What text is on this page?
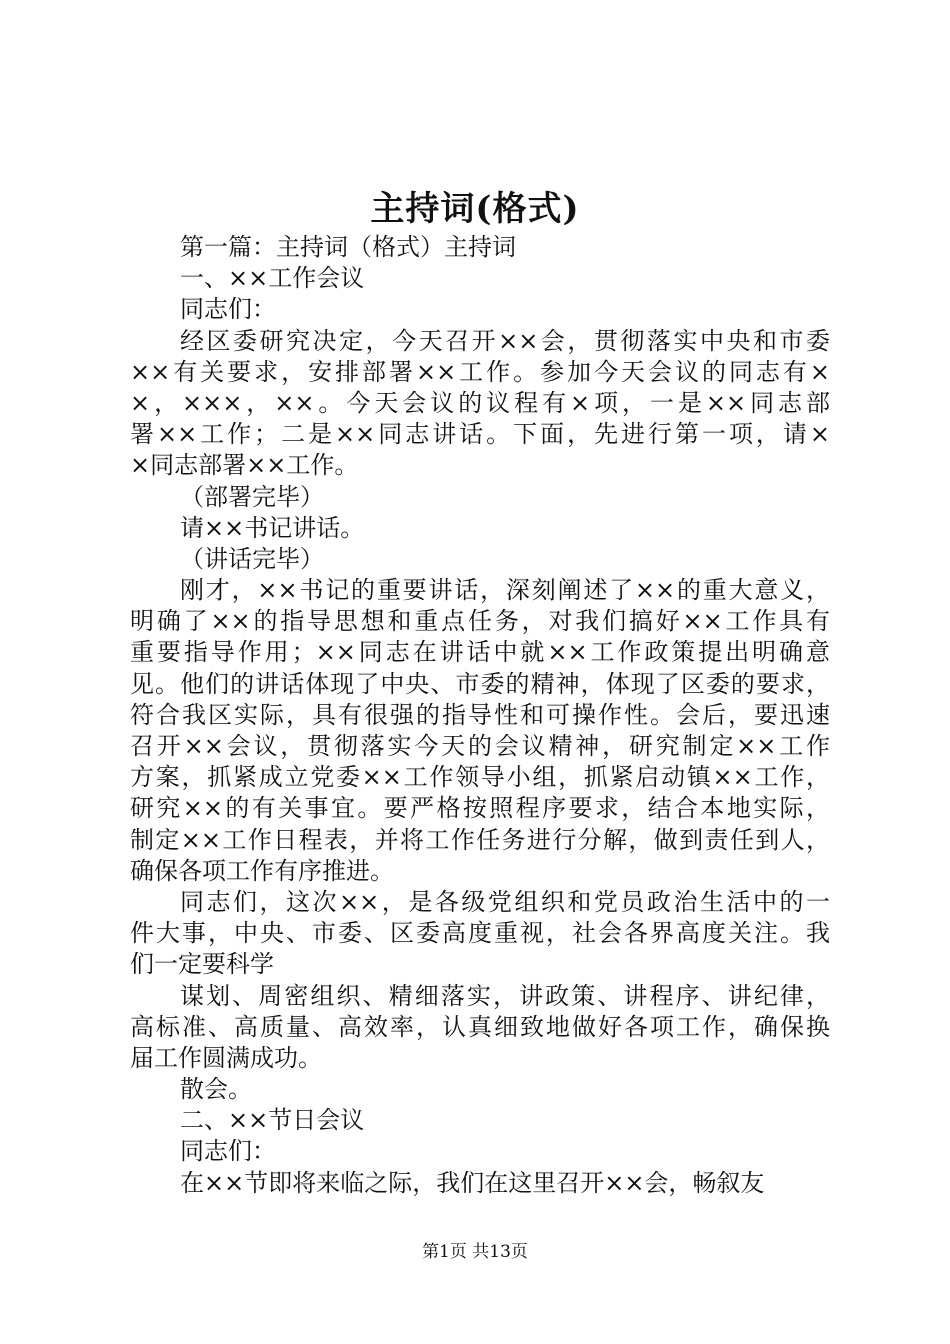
主持词(格式)
第一篇：主持词（格式）主持词
一、××工作会议
同志们：
经区委研究决定，今天召开××会，贯彻落实中央和市委
××有关要求，安排部署××工作。参加今天会议的同志有×
×，×××，××。今天会议的议程有×项，一是××同志部
署××工作；二是××同志讲话。下面，先进行第一项，请×
×同志部署××工作。
（部署完毕）
请××书记讲话。
（讲话完毕）
刚才，××书记的重要讲话，深刻阐述了××的重大意义，
明确了××的指导思想和重点任务，对我们搞好××工作具有
重要指导作用；××同志在讲话中就××工作政策提出明确意
见。他们的讲话体现了中央、市委的精神，体现了区委的要求，
符合我区实际，具有很强的指导性和可操作性。会后，要迅速
召开××会议，贯彻落实今天的会议精神，研究制定××工作
方案，抓紧成立党委××工作领导小组，抓紧启动镇××工作，
研究××的有关事宜。要严格按照程序要求，结合本地实际，
制定××工作日程表，并将工作任务进行分解，做到责任到人，
确保各项工作有序推进。
同志们，这次××，是各级党组织和党员政治生活中的一
件大事，中央、市委、区委高度重视，社会各界高度关注。我
们一定要科学
谋划、周密组织、精细落实，讲政策、讲程序、讲纪律，
高标准、高质量、高效率，认真细致地做好各项工作，确保换
届工作圆满成功。
散会。
二、××节日会议
同志们：
在××节即将来临之际，我们在这里召开××会，畅叙友
第1页 共13页
